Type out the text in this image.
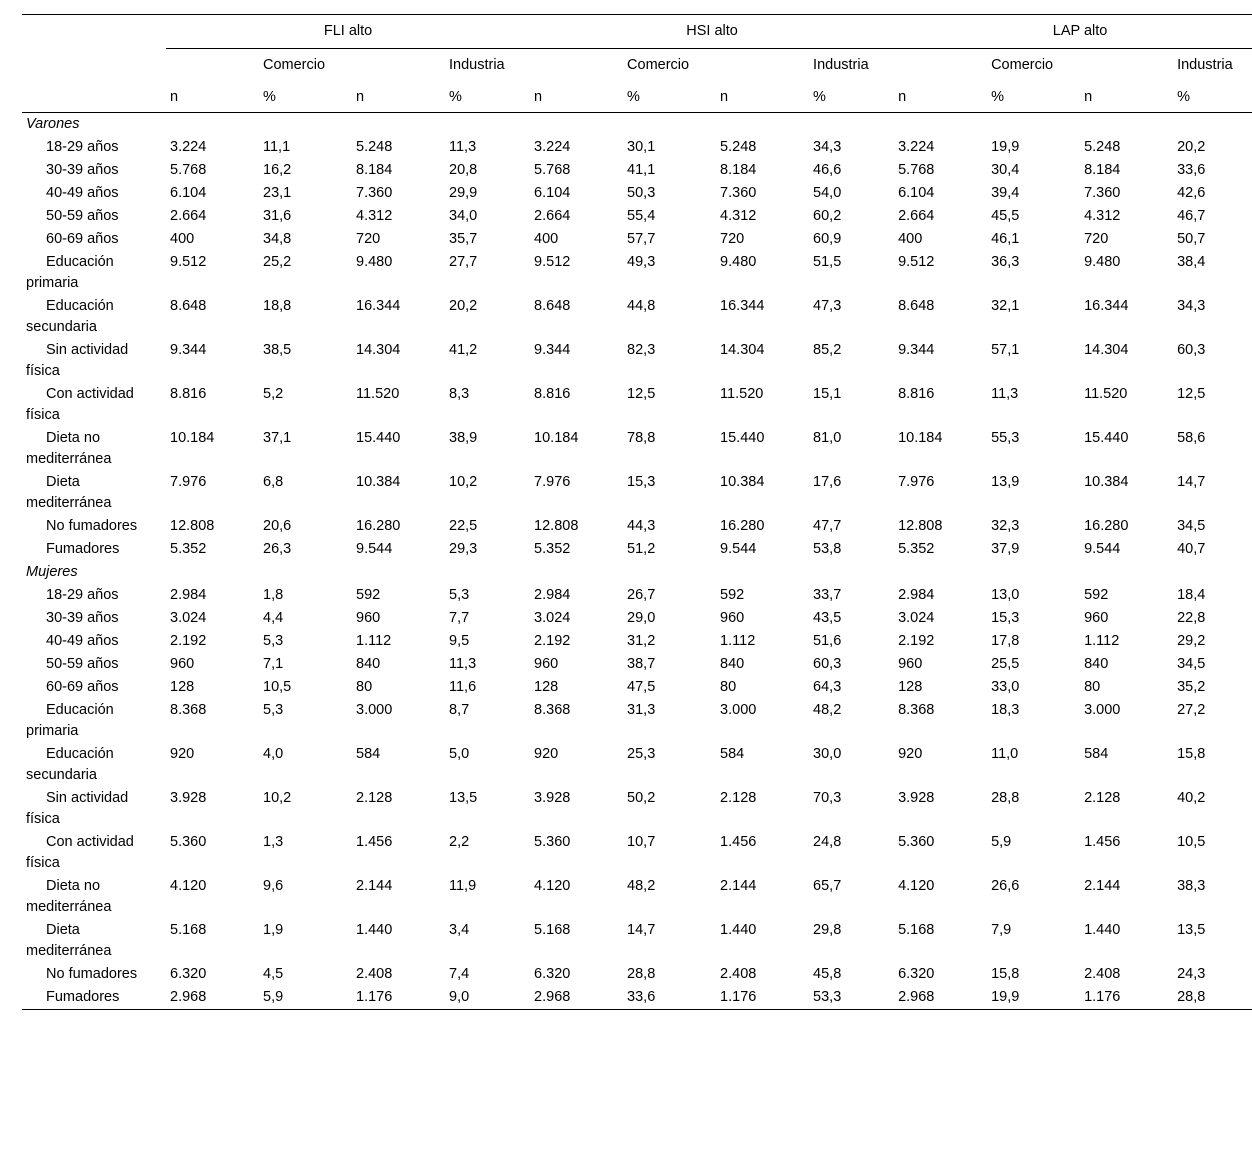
	FLI alto				HSI alto				LAP alto			
		Comercio		Industria		Comercio		Industria		Comercio		Industria
	n	%	n	%	n	%	n	%	n	%	n	%
Varones												
18-29 años	3.224	11,1	5.248	11,3	3.224	30,1	5.248	34,3	3.224	19,9	5.248	20,2
30-39 años	5.768	16,2	8.184	20,8	5.768	41,1	8.184	46,6	5.768	30,4	8.184	33,6
40-49 años	6.104	23,1	7.360	29,9	6.104	50,3	7.360	54,0	6.104	39,4	7.360	42,6
50-59 años	2.664	31,6	4.312	34,0	2.664	55,4	4.312	60,2	2.664	45,5	4.312	46,7
60-69 años	400	34,8	720	35,7	400	57,7	720	60,9	400	46,1	720	50,7
Educación primaria	9.512	25,2	9.480	27,7	9.512	49,3	9.480	51,5	9.512	36,3	9.480	38,4
Educación secundaria	8.648	18,8	16.344	20,2	8.648	44,8	16.344	47,3	8.648	32,1	16.344	34,3
Sin actividad física	9.344	38,5	14.304	41,2	9.344	82,3	14.304	85,2	9.344	57,1	14.304	60,3
Con actividad física	8.816	5,2	11.520	8,3	8.816	12,5	11.520	15,1	8.816	11,3	11.520	12,5
Dieta no mediterránea	10.184	37,1	15.440	38,9	10.184	78,8	15.440	81,0	10.184	55,3	15.440	58,6
Dieta mediterránea	7.976	6,8	10.384	10,2	7.976	15,3	10.384	17,6	7.976	13,9	10.384	14,7
No fumadores	12.808	20,6	16.280	22,5	12.808	44,3	16.280	47,7	12.808	32,3	16.280	34,5
Fumadores	5.352	26,3	9.544	29,3	5.352	51,2	9.544	53,8	5.352	37,9	9.544	40,7
Mujeres												
18-29 años	2.984	1,8	592	5,3	2.984	26,7	592	33,7	2.984	13,0	592	18,4
30-39 años	3.024	4,4	960	7,7	3.024	29,0	960	43,5	3.024	15,3	960	22,8
40-49 años	2.192	5,3	1.112	9,5	2.192	31,2	1.112	51,6	2.192	17,8	1.112	29,2
50-59 años	960	7,1	840	11,3	960	38,7	840	60,3	960	25,5	840	34,5
60-69 años	128	10,5	80	11,6	128	47,5	80	64,3	128	33,0	80	35,2
Educación primaria	8.368	5,3	3.000	8,7	8.368	31,3	3.000	48,2	8.368	18,3	3.000	27,2
Educación secundaria	920	4,0	584	5,0	920	25,3	584	30,0	920	11,0	584	15,8
Sin actividad física	3.928	10,2	2.128	13,5	3.928	50,2	2.128	70,3	3.928	28,8	2.128	40,2
Con actividad física	5.360	1,3	1.456	2,2	5.360	10,7	1.456	24,8	5.360	5,9	1.456	10,5
Dieta no mediterránea	4.120	9,6	2.144	11,9	4.120	48,2	2.144	65,7	4.120	26,6	2.144	38,3
Dieta mediterránea	5.168	1,9	1.440	3,4	5.168	14,7	1.440	29,8	5.168	7,9	1.440	13,5
No fumadores	6.320	4,5	2.408	7,4	6.320	28,8	2.408	45,8	6.320	15,8	2.408	24,3
Fumadores	2.968	5,9	1.176	9,0	2.968	33,6	1.176	53,3	2.968	19,9	1.176	28,8
